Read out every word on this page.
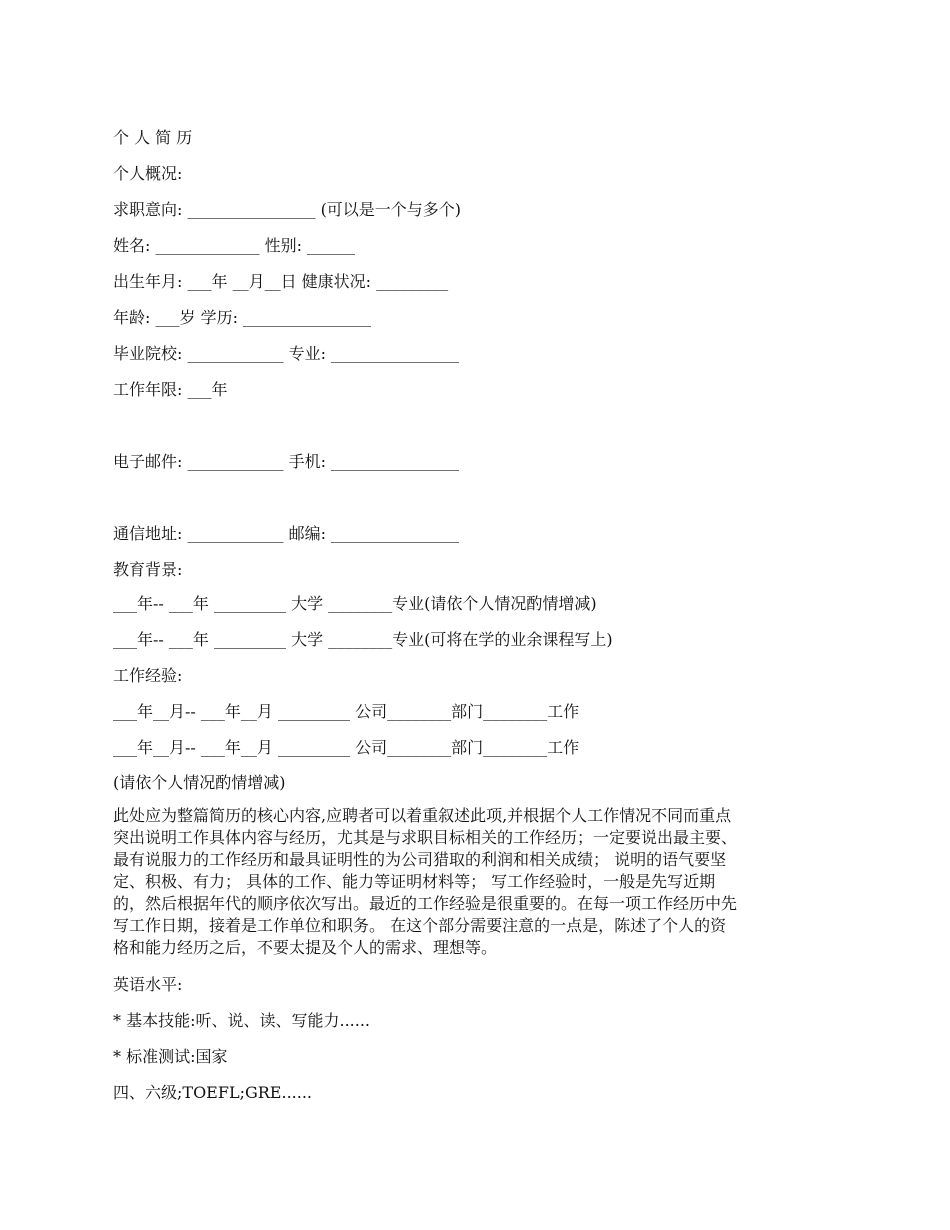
个 人 简 历
个人概况:
求职意向: ________________ (可以是一个与多个)
姓名: _____________ 性别: ______
出生年月: ___年 __月__日 健康状况: _________
年龄: ___岁 学历: ________________
毕业院校: ____________ 专业: ________________
工作年限: ___年
电子邮件: ____________ 手机: ________________
通信地址: ____________ 邮编: ________________
教育背景:
___年-- ___年 _________ 大学 ________专业(请依个人情况酌情增减)
___年-- ___年 _________ 大学 ________专业(可将在学的业余课程写上)
工作经验:
___年__月-- ___年__月 _________ 公司________部门________工作
___年__月-- ___年__月 _________ 公司________部门________工作
(请依个人情况酌情增减)
此处应为整篇简历的核心内容,应聘者可以着重叙述此项,并根据个人工作情况不同而重点
突出说明工作具体内容与经历，尤其是与求职目标相关的工作经历；一定要说出最主要、
最有说服力的工作经历和最具证明性的为公司猎取的利润和相关成绩； 说明的语气要坚
定、积极、有力； 具体的工作、能力等证明材料等； 写工作经验时，一般是先写近期
的，然后根据年代的顺序依次写出。最近的工作经验是很重要的。在每一项工作经历中先
写工作日期，接着是工作单位和职务。 在这个部分需要注意的一点是，陈述了个人的资
格和能力经历之后，不要太提及个人的需求、理想等。
英语水平:
* 基本技能:听、说、读、写能力......
* 标准测试:国家
四、六级;TOEFL;GRE......
